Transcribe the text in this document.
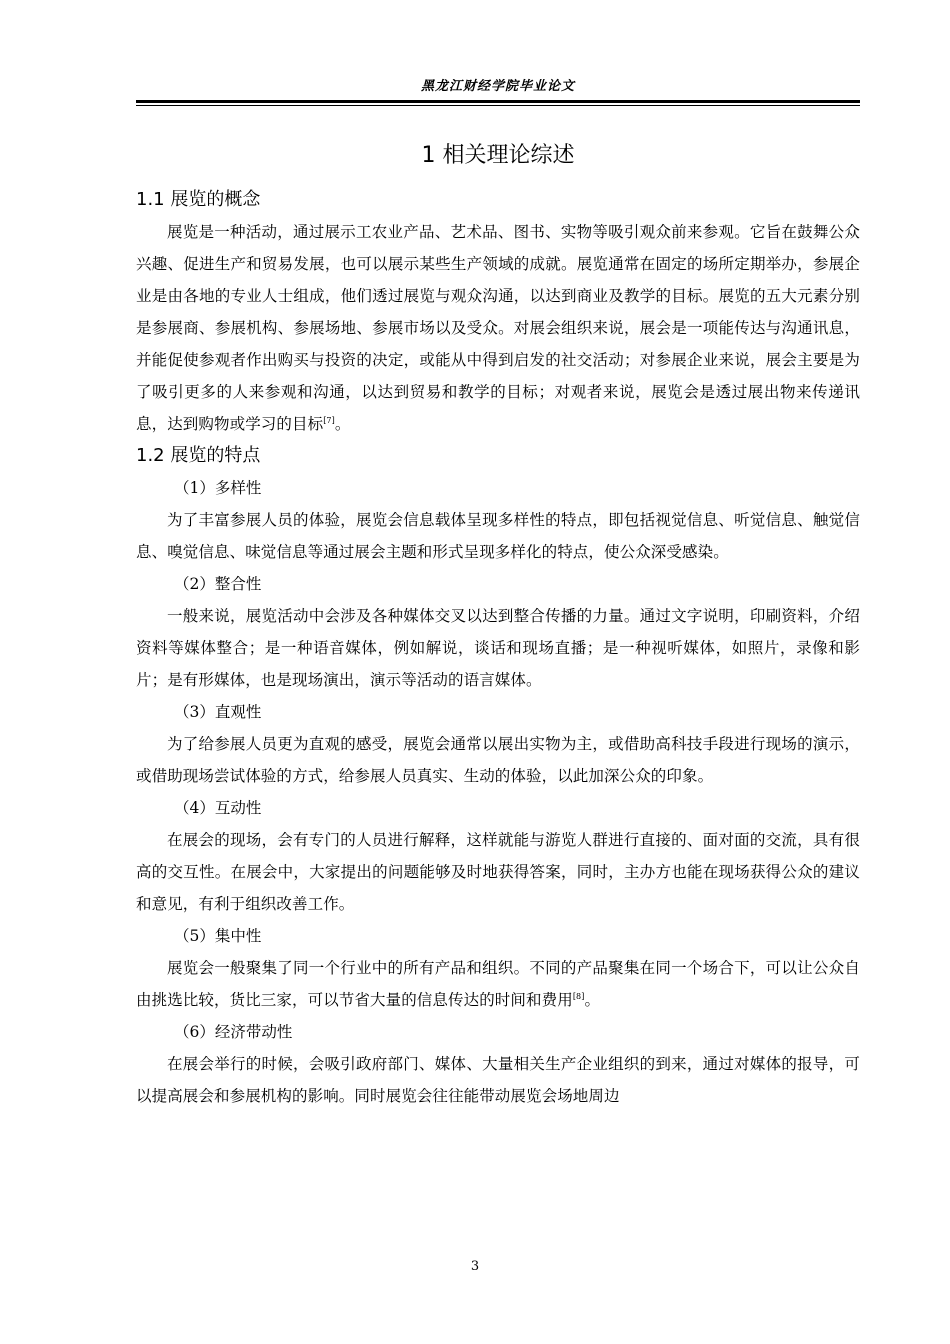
黑龙江财经学院毕业论文
1 相关理论综述
1.1 展览的概念

展览是一种活动，通过展示工农业产品、艺术品、图书、实物等吸引观众前来参观。它旨在鼓舞公众兴趣、促进生产和贸易发展，也可以展示某些生产领域的成就。展览通常在固定的场所定期举办，参展企业是由各地的专业人士组成，他们透过展览与观众沟通，以达到商业及教学的目标。展览的五大元素分别是参展商、参展机构、参展场地、参展市场以及受众。对展会组织来说，展会是一项能传达与沟通讯息，并能促使参观者作出购买与投资的决定，或能从中得到启发的社交活动；对参展企业来说，展会主要是为了吸引更多的人来参观和沟通，以达到贸易和教学的目标；对观者来说，展览会是透过展出物来传递讯息，达到购物或学习的目标[7]。

1.2 展览的特点

（1）多样性

为了丰富参展人员的体验，展览会信息载体呈现多样性的特点，即包括视觉信息、听觉信息、触觉信息、嗅觉信息、味觉信息等通过展会主题和形式呈现多样化的特点，使公众深受感染。

（2）整合性

一般来说，展览活动中会涉及各种媒体交叉以达到整合传播的力量。通过文字说明，印刷资料，介绍资料等媒体整合；是一种语音媒体，例如解说，谈话和现场直播；是一种视听媒体，如照片，录像和影片；是有形媒体，也是现场演出，演示等活动的语言媒体。

（3）直观性

为了给参展人员更为直观的感受，展览会通常以展出实物为主，或借助高科技手段进行现场的演示，或借助现场尝试体验的方式，给参展人员真实、生动的体验，以此加深公众的印象。

（4）互动性

在展会的现场，会有专门的人员进行解释，这样就能与游览人群进行直接的、面对面的交流，具有很高的交互性。在展会中，大家提出的问题能够及时地获得答案，同时，主办方也能在现场获得公众的建议和意见，有利于组织改善工作。

（5）集中性

展览会一般聚集了同一个行业中的所有产品和组织。不同的产品聚集在同一个场合下，可以让公众自由挑选比较，货比三家，可以节省大量的信息传达的时间和费用[8]。

（6）经济带动性

在展会举行的时候，会吸引政府部门、媒体、大量相关生产企业组织的到来，通过对媒体的报导，可以提高展会和参展机构的影响。同时展览会往往能带动展览会场地周边

3
